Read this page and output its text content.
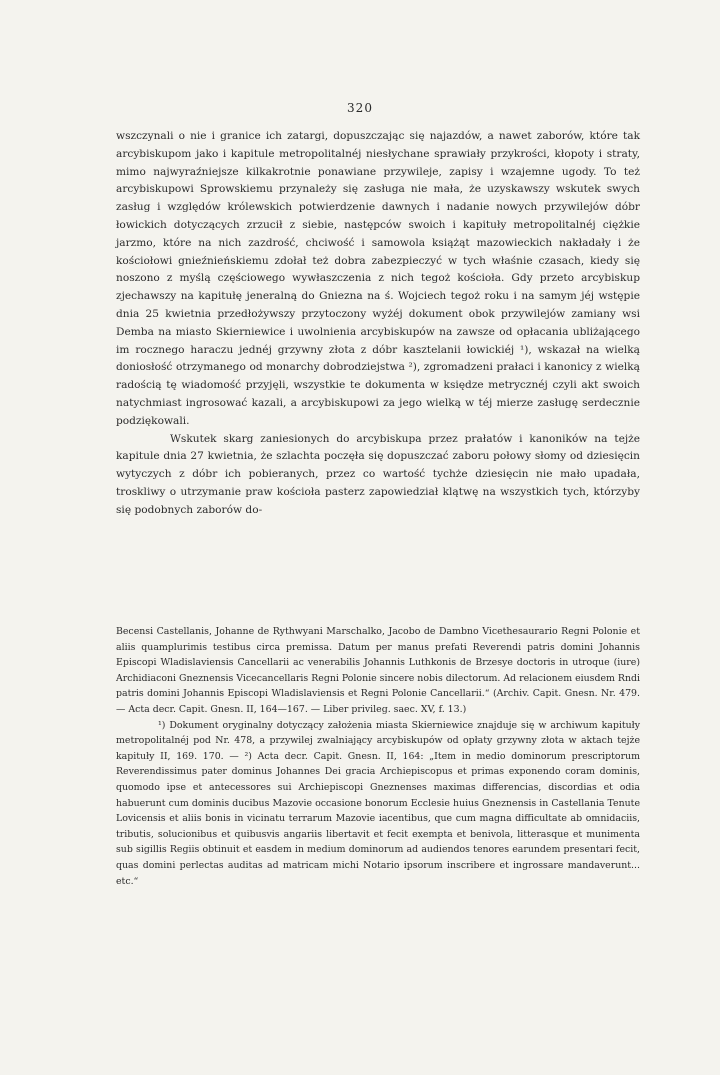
320

wszczynali o nie i granice ich zatargi, dopuszczając się najazdów, a nawet zaborów, które tak arcybiskupom jako i kapitule metropolitalnéj niesłychane sprawiały przykrości, kłopoty i straty, mimo najwyraźniejsze kilkakrotnie ponawiane przywileje, zapisy i wzajemne ugody. To też arcybiskupowi Sprowskiemu przynależy się zasługa nie mała, że uzyskawszy wskutek swych zasług i względów królewskich potwierdzenie dawnych i nadanie nowych przywilejów dóbr łowickich dotyczących zrzucił z siebie, następców swoich i kapituły metropolitalnéj ciężkie jarzmo, które na nich zazdrość, chciwość i samowola książąt mazowieckich nakładały i że kościołowi gnieźnieńskiemu zdołał też dobra zabezpieczyć w tych właśnie czasach, kiedy się noszono z myślą częściowego wywłaszczenia z nich tegoż kościoła. Gdy przeto arcybiskup zjechawszy na kapitułę jeneralną do Gniezna na ś. Wojciech tegoż roku i na samym jéj wstępie dnia 25 kwietnia przedłożywszy przytoczony wyżéj dokument obok przywilejów zamiany wsi Demba na miasto Skierniewice i uwolnienia arcybiskupów na zawsze od opłacania ubliżającego im rocznego haraczu jednéj grzywny złota z dóbr kasztelanii łowickiéj ¹), wskazał na wielką doniosłość otrzymanego od monarchy dobrodziejstwa ²), zgromadzeni prałaci i kanonicy z wielką radością tę wiadomość przyjęli, wszystkie te dokumenta w księdze metrycznéj czyli akt swoich natychmiast ingrosować kazali, a arcybiskupowi za jego wielką w téj mierze zasługę serdecznie podziękowali.

Wskutek skarg zaniesionych do arcybiskupa przez prałatów i kanoników na tejże kapitule dnia 27 kwietnia, że szlachta poczęła się dopuszczać zaboru połowy słomy od dziesięcin wytyczych z dóbr ich pobieranych, przez co wartość tychże dziesięcin nie mało upadała, troskliwy o utrzymanie praw kościoła pasterz zapowiedział klątwę na wszystkich tych, którzyby się podobnych zaborów do-

Becensi Castellanis, Johanne de Rythwyani Marschalko, Jacobo de Dambno Vicethesaurario Regni Polonie et aliis quamplurimis testibus circa premissa. Datum per manus prefati Reverendi patris domini Johannis Episcopi Wladislaviensis Cancellarii ac venerabilis Johannis Luthkonis de Brzesye doctoris in utroque (iure) Archidiaconi Gneznensis Vicecancellaris Regni Polonie sincere nobis dilectorum. Ad relacionem eiusdem Rndi patris domini Johannis Episcopi Wladislaviensis et Regni Polonie Cancellarii.“ (Archiv. Capit. Gnesn. Nr. 479. — Acta decr. Capit. Gnesn. II, 164—167. — Liber privileg. saec. XV, f. 13.)

¹) Dokument oryginalny dotyczący założenia miasta Skierniewice znajduje się w archiwum kapituły metropolitalnéj pod Nr. 478, a przywilej zwalniający arcybiskupów od opłaty grzywny złota w aktach tejże kapituły II, 169. 170. — ²) Acta decr. Capit. Gnesn. II, 164: „Item in medio dominorum prescriptorum Reverendissimus pater dominus Johannes Dei gracia Archiepiscopus et primas exponendo coram dominis, quomodo ipse et antecessores sui Archiepiscopi Gneznenses maximas differencias, discordias et odia habuerunt cum dominis ducibus Mazovie occasione bonorum Ecclesie huius Gneznensis in Castellania Tenute Lovicensis et aliis bonis in vicinatu terrarum Mazovie iacentibus, que cum magna difficultate ab omnidaciis, tributis, solucionibus et quibusvis angariis libertavit et fecit exempta et benivola, litterasque et munimenta sub sigillis Regiis obtinuit et easdem in medium dominorum ad audiendos tenores earundem presentari fecit, quas domini perlectas auditas ad matricam michi Notario ipsorum inscribere et ingrossare mandaverunt... etc.“
